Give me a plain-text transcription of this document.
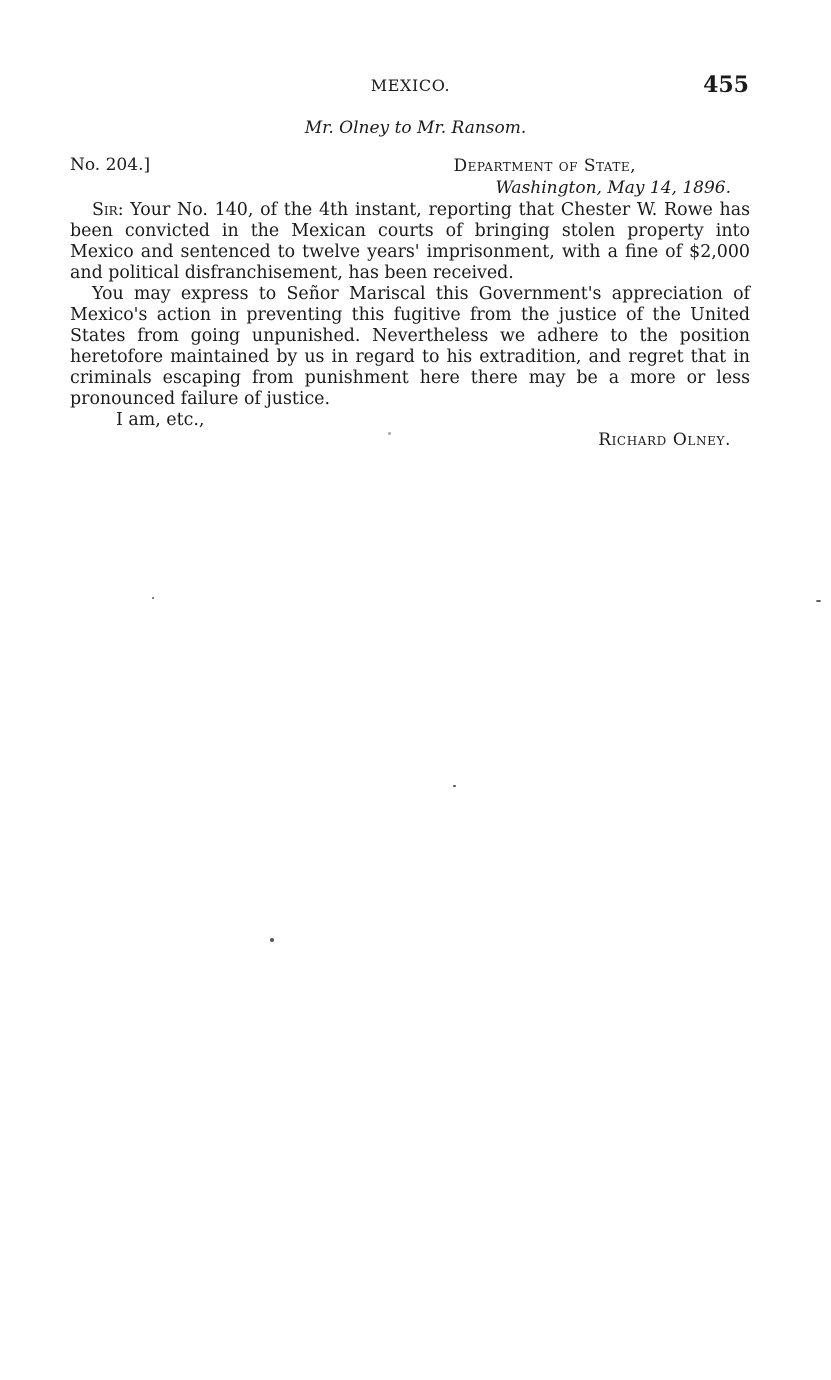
MEXICO.	455
Mr. Olney to Mr. Ransom.
No. 204.]	Department of State,
Washington, May 14, 1896.

Sir: Your No. 140, of the 4th instant, reporting that Chester W. Rowe has been convicted in the Mexican courts of bringing stolen property into Mexico and sentenced to twelve years' imprisonment, with a fine of $2,000 and political disfranchisement, has been received.

You may express to Señor Mariscal this Government's appreciation of Mexico's action in preventing this fugitive from the justice of the United States from going unpunished. Nevertheless we adhere to the position heretofore maintained by us in regard to his extradition, and regret that in criminals escaping from punishment here there may be a more or less pronounced failure of justice.

I am, etc.,
Richard Olney.
